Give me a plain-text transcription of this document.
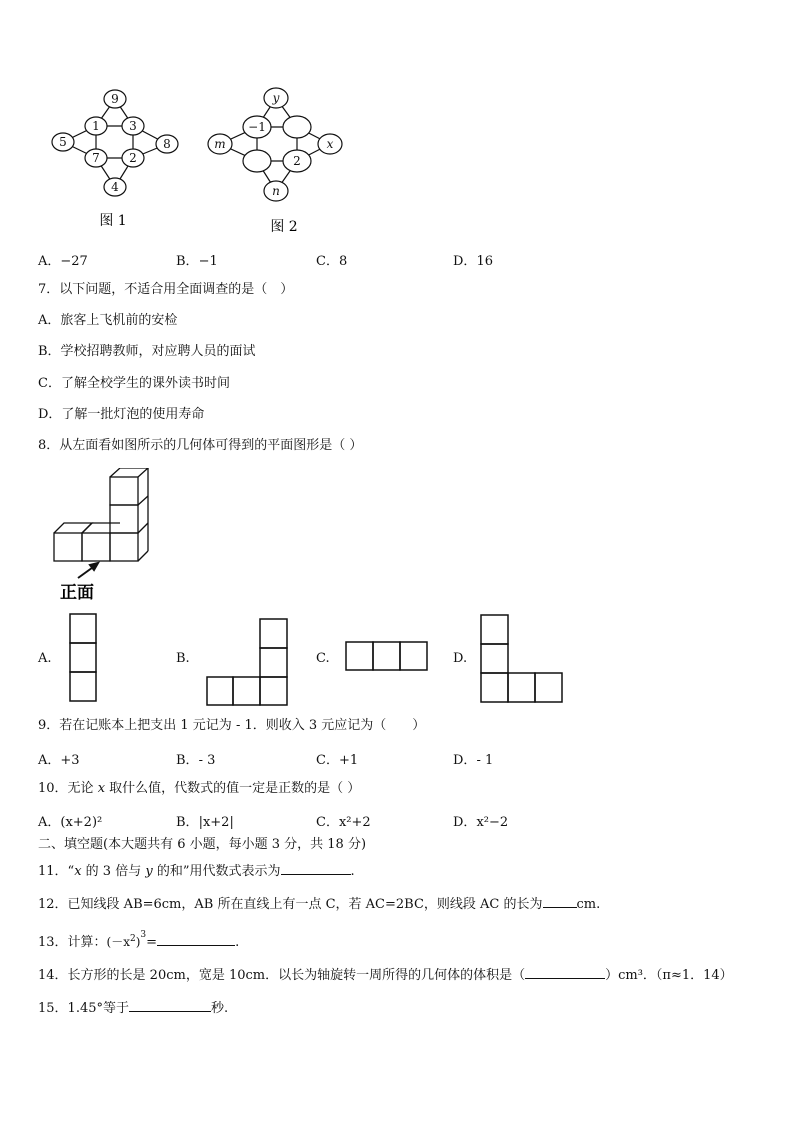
9
1 3
5	8
7 2
4
图 1
y
−1
m	x
2
n
图 2
A．−27	B．−1	C．8	D．16
7．以下问题，不适合用全面调查的是（　）
A．旅客上飞机前的安检
B．学校招聘教师，对应聘人员的面试
C．了解全校学生的课外读书时间
D．了解一批灯泡的使用寿命
8．从左面看如图所示的几何体可得到的平面图形是（ ）
正面
A.	B.	C.	D.
9．若在记账本上把支出 1 元记为 - 1．则收入 3 元应记为（　　）
A．+3	B．- 3	C．+1	D．- 1
10．无论 x 取什么值，代数式的值一定是正数的是（ ）
A．(x+2)²	B．|x+2|	C．x²+2	D．x²−2
二、填空题(本大题共有 6 小题，每小题 3 分，共 18 分)
11．“x 的 3 倍与 y 的和”用代数式表示为	.
12．已知线段 AB=6cm，AB 所在直线上有一点 C，若 AC=2BC，则线段 AC 的长为	cm.
13．计算：$(-x^2)^3=$	.
14．长方形的长是 20cm，宽是 10cm．以长为轴旋转一周所得的几何体的体积是（	）cm³．（π≈1．14）
15．1.45°等于	秒.
